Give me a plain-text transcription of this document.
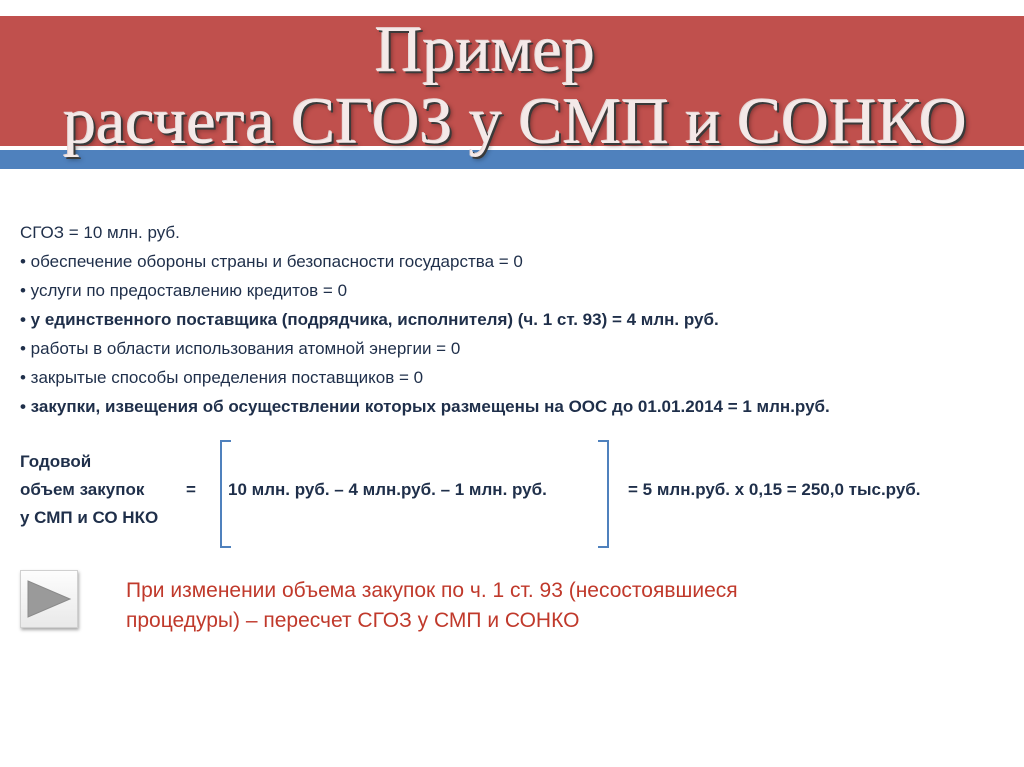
Пример
расчета СГОЗ у СМП и СОНКО
СГОЗ = 10 млн. руб.
• обеспечение обороны страны и безопасности государства = 0
• услуги по предоставлению кредитов = 0
• у единственного поставщика (подрядчика, исполнителя) (ч. 1 ст. 93) = 4 млн. руб.
• работы в области использования атомной энергии = 0
• закрытые способы определения поставщиков = 0
• закупки, извещения об осуществлении которых размещены на ООС до 01.01.2014 = 1 млн.руб.
Годовой
объем закупок
у СМП и СО НКО
= 10 млн. руб. – 4 млн.руб. – 1 млн. руб.	= 5 млн.руб. х 0,15 = 250,0 тыс.руб.
При изменении объема закупок по ч. 1 ст. 93 (несостоявшиеся
процедуры) – пересчет СГОЗ у СМП и СОНКО
